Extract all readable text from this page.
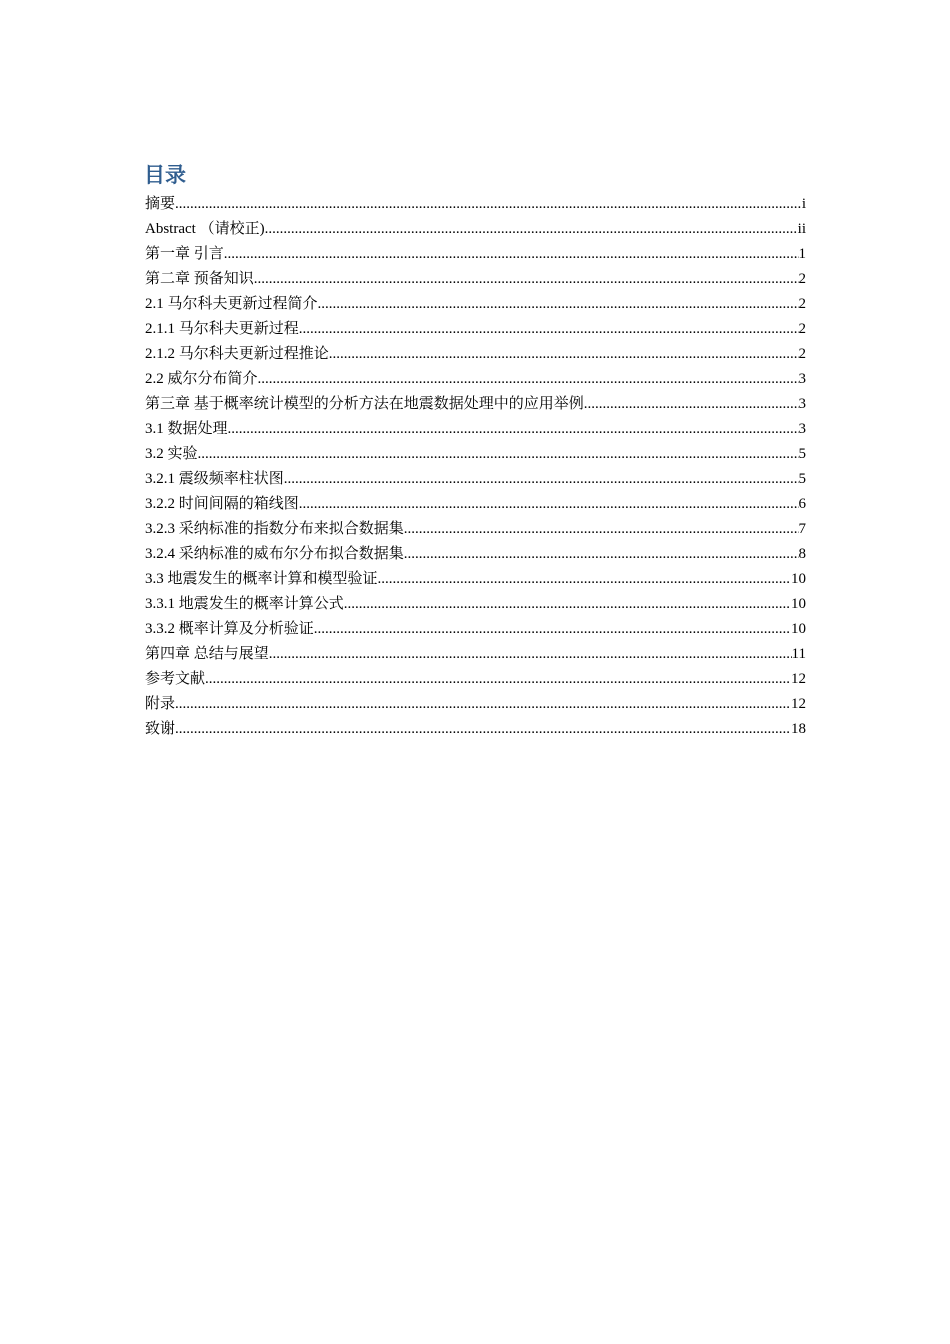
目录
摘要 .....	i
Abstract （请校正) .....	ii
第一章 引言 .....	1
第二章 预备知识 .....	2
2.1 马尔科夫更新过程简介 .....	2
2.1.1 马尔科夫更新过程 .....	2
2.1.2 马尔科夫更新过程推论 .....	2
2.2 威尔分布简介 .....	3
第三章 基于概率统计模型的分析方法在地震数据处理中的应用举例 .....	3
3.1 数据处理 .....	3
3.2 实验 .....	5
3.2.1 震级频率柱状图 .....	5
3.2.2 时间间隔的箱线图 .....	6
3.2.3 采纳标准的指数分布来拟合数据集 .....	7
3.2.4 采纳标准的威布尔分布拟合数据集 .....	8
3.3 地震发生的概率计算和模型验证 .....	10
3.3.1 地震发生的概率计算公式 .....	10
3.3.2 概率计算及分析验证 .....	10
第四章 总结与展望 .....	11
参考文献 .....	12
附录 .....	12
致谢 .....	18
